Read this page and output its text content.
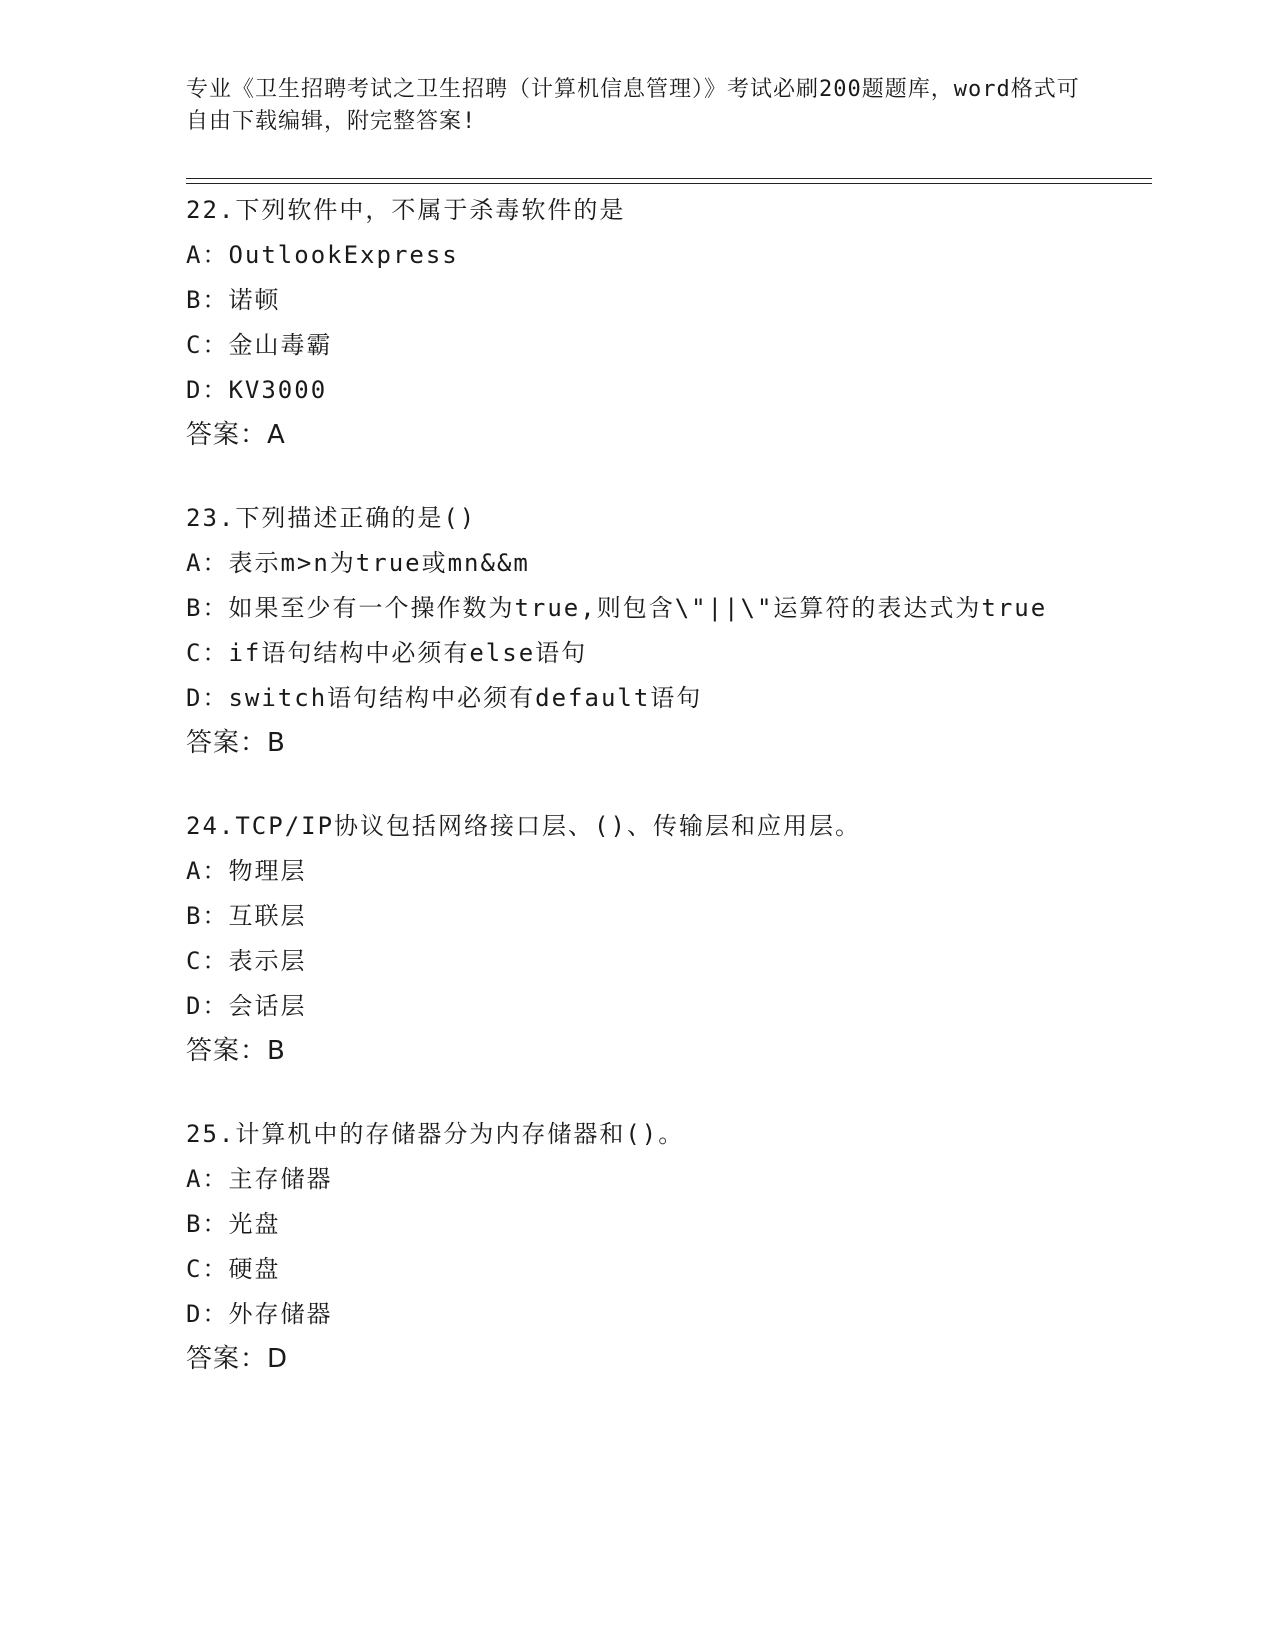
专业《卫生招聘考试之卫生招聘（计算机信息管理）》考试必刷200题题库，word格式可自由下载编辑，附完整答案!
22.下列软件中，不属于杀毒软件的是
A：OutlookExpress
B：诺顿
C：金山毒霸
D：KV3000
答案：A
23.下列描述正确的是()
A：表示m>n为true或mn&&m
B：如果至少有一个操作数为true,则包含\"||\"运算符的表达式为true
C：if语句结构中必须有else语句
D：switch语句结构中必须有default语句
答案：B
24.TCP/IP协议包括网络接口层、()、传输层和应用层。
A：物理层
B：互联层
C：表示层
D：会话层
答案：B
25.计算机中的存储器分为内存储器和()。
A：主存储器
B：光盘
C：硬盘
D：外存储器
答案：D
